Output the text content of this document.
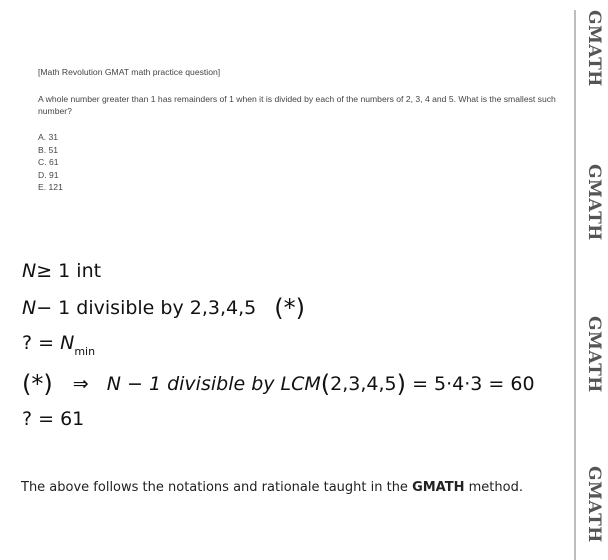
[Math Revolution GMAT math practice question]

A whole number greater than 1 has remainders of 1 when it is divided by each of the numbers of 2, 3, 4 and 5. What is the smallest such number?

A. 31

B. 51

C. 61

D. 91

E. 121

N≥ 1 int
N− 1 divisible by 2,3,4,5 (*)
? = $N_{min}$
(*) ⇒ N − 1 divisible by LCM(2,3,4,5) = 5·4·3 = 60
? = 61
The above follows the notations and rationale taught in the GMATH method.
GMATH
GMATH
GMATH
GMATH
